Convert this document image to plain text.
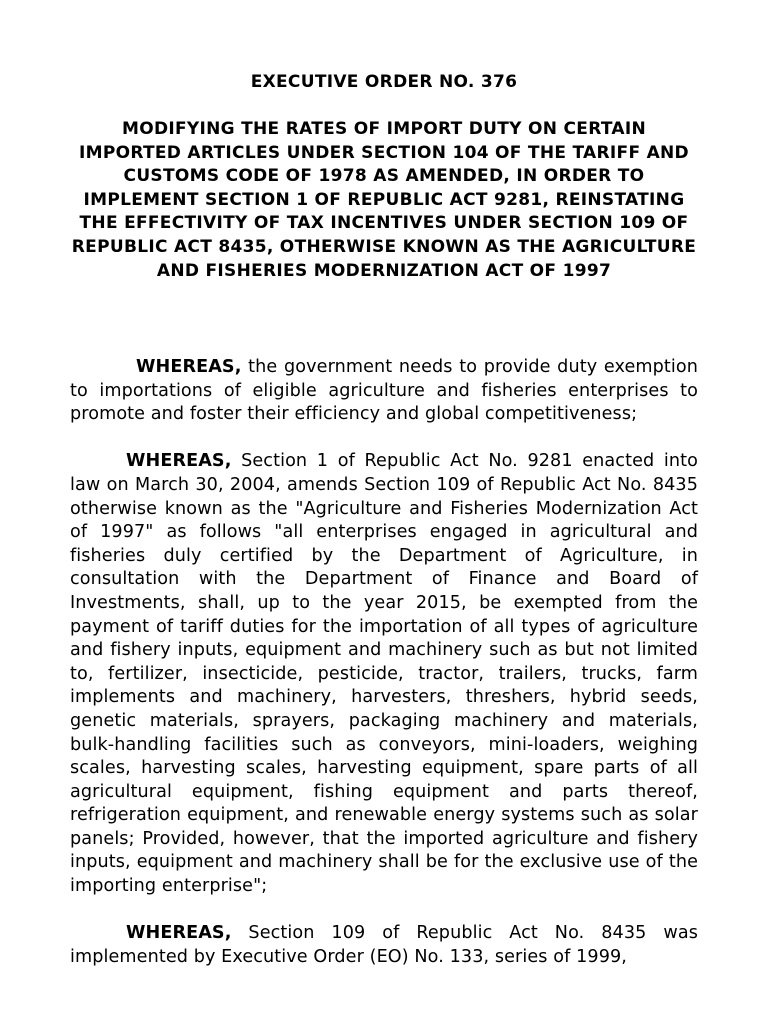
EXECUTIVE ORDER NO. 376
MODIFYING THE RATES OF IMPORT DUTY ON CERTAIN IMPORTED ARTICLES UNDER SECTION 104 OF THE TARIFF AND CUSTOMS CODE OF 1978 AS AMENDED, IN ORDER TO IMPLEMENT SECTION 1 OF REPUBLIC ACT 9281, REINSTATING THE EFFECTIVITY OF TAX INCENTIVES UNDER SECTION 109 OF REPUBLIC ACT 8435, OTHERWISE KNOWN AS THE AGRICULTURE AND FISHERIES MODERNIZATION ACT OF 1997

WHEREAS, the government needs to provide duty exemption to importations of eligible agriculture and fisheries enterprises to promote and foster their efficiency and global competitiveness;

WHEREAS, Section 1 of Republic Act No. 9281 enacted into law on March 30, 2004, amends Section 109 of Republic Act No. 8435 otherwise known as the "Agriculture and Fisheries Modernization Act of 1997" as follows "all enterprises engaged in agricultural and fisheries duly certified by the Department of Agriculture, in consultation with the Department of Finance and Board of Investments, shall, up to the year 2015, be exempted from the payment of tariff duties for the importation of all types of agriculture and fishery inputs, equipment and machinery such as but not limited to, fertilizer, insecticide, pesticide, tractor, trailers, trucks, farm implements and machinery, harvesters, threshers, hybrid seeds, genetic materials, sprayers, packaging machinery and materials, bulk-handling facilities such as conveyors, mini-loaders, weighing scales, harvesting scales, harvesting equipment, spare parts of all agricultural equipment, fishing equipment and parts thereof, refrigeration equipment, and renewable energy systems such as solar panels; Provided, however, that the imported agriculture and fishery inputs, equipment and machinery shall be for the exclusive use of the importing enterprise";

WHEREAS, Section 109 of Republic Act No. 8435 was implemented by Executive Order (EO) No. 133, series of 1999,
